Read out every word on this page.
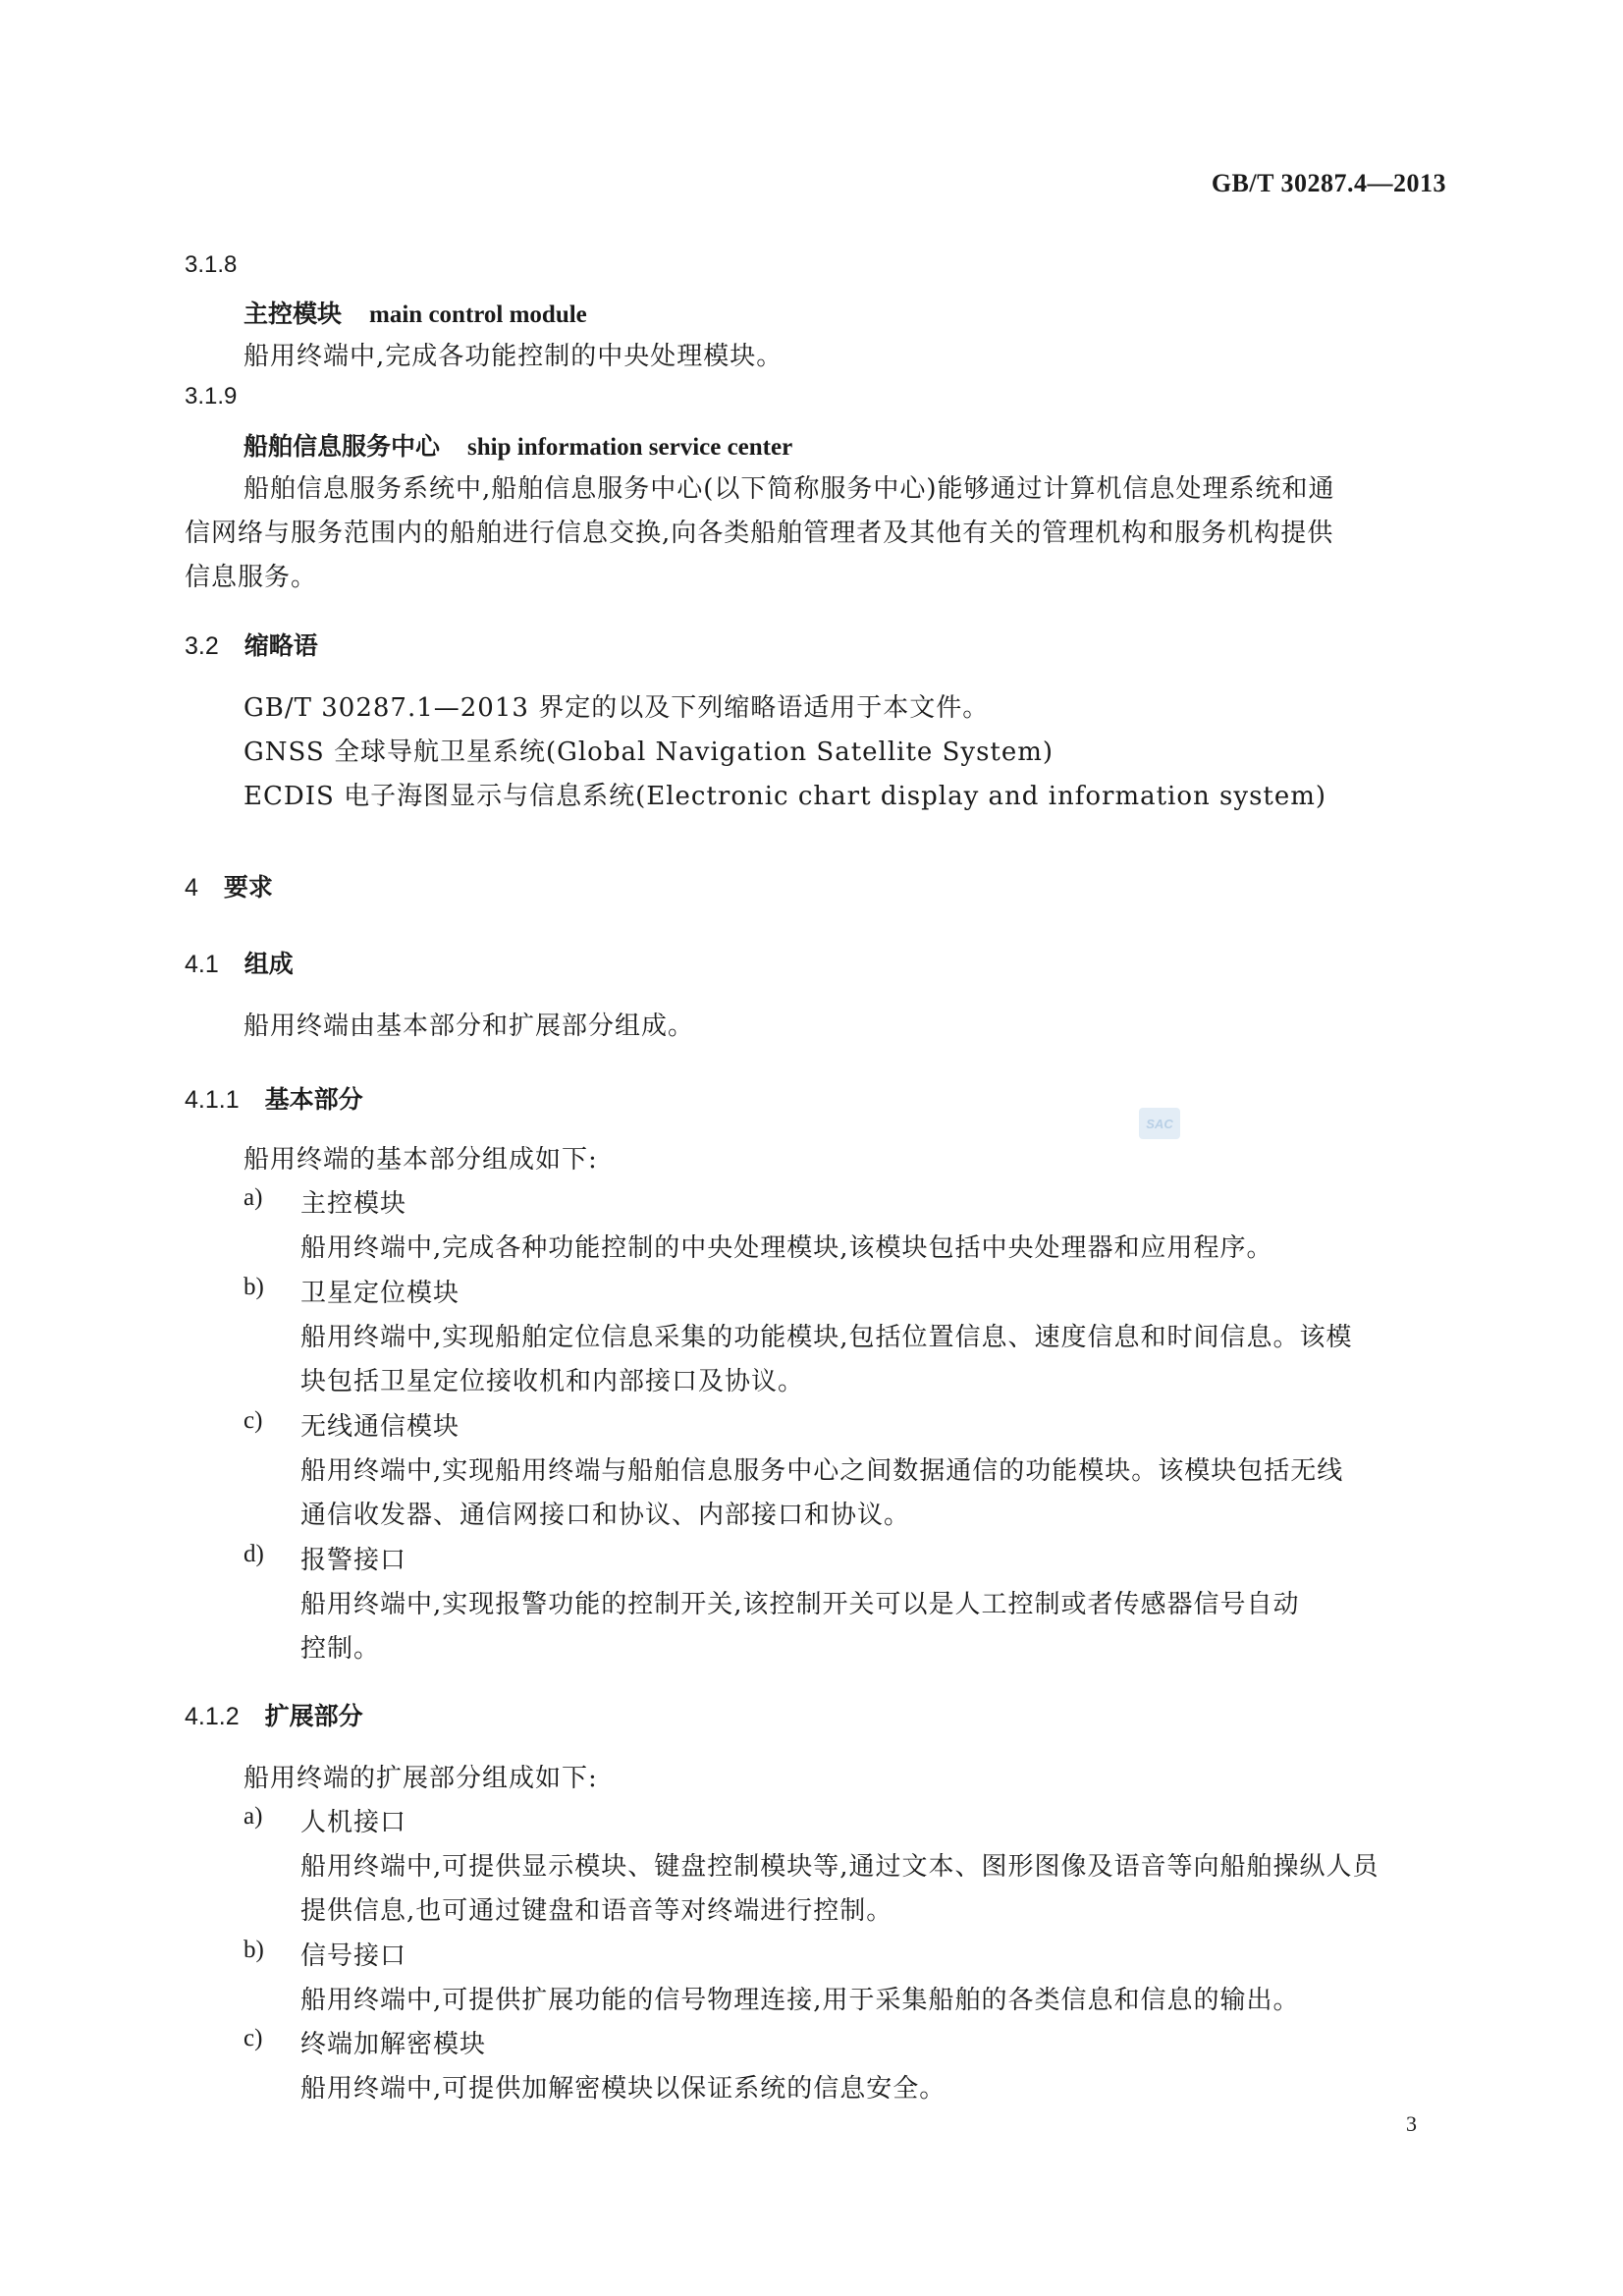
GB/T 30287.4—2013
3.1.8
主控模块 main control module
船用终端中,完成各功能控制的中央处理模块。
3.1.9
船舶信息服务中心 ship information service center
船舶信息服务系统中,船舶信息服务中心(以下简称服务中心)能够通过计算机信息处理系统和通
信网络与服务范围内的船舶进行信息交换,向各类船舶管理者及其他有关的管理机构和服务机构提供
信息服务。
3.2 缩略语
GB/T 30287.1—2013 界定的以及下列缩略语适用于本文件。
GNSS 全球导航卫星系统(Global Navigation Satellite System)
ECDIS 电子海图显示与信息系统(Electronic chart display and information system)
4 要求
4.1 组成
船用终端由基本部分和扩展部分组成。
4.1.1 基本部分
船用终端的基本部分组成如下:
a) 主控模块
船用终端中,完成各种功能控制的中央处理模块,该模块包括中央处理器和应用程序。
b) 卫星定位模块
船用终端中,实现船舶定位信息采集的功能模块,包括位置信息、速度信息和时间信息。该模
块包括卫星定位接收机和内部接口及协议。
c) 无线通信模块
船用终端中,实现船用终端与船舶信息服务中心之间数据通信的功能模块。该模块包括无线
通信收发器、通信网接口和协议、内部接口和协议。
d) 报警接口
船用终端中,实现报警功能的控制开关,该控制开关可以是人工控制或者传感器信号自动
控制。
4.1.2 扩展部分
船用终端的扩展部分组成如下:
a) 人机接口
船用终端中,可提供显示模块、键盘控制模块等,通过文本、图形图像及语音等向船舶操纵人员
提供信息,也可通过键盘和语音等对终端进行控制。
b) 信号接口
船用终端中,可提供扩展功能的信号物理连接,用于采集船舶的各类信息和信息的输出。
c) 终端加解密模块
船用终端中,可提供加解密模块以保证系统的信息安全。
SAC
3
